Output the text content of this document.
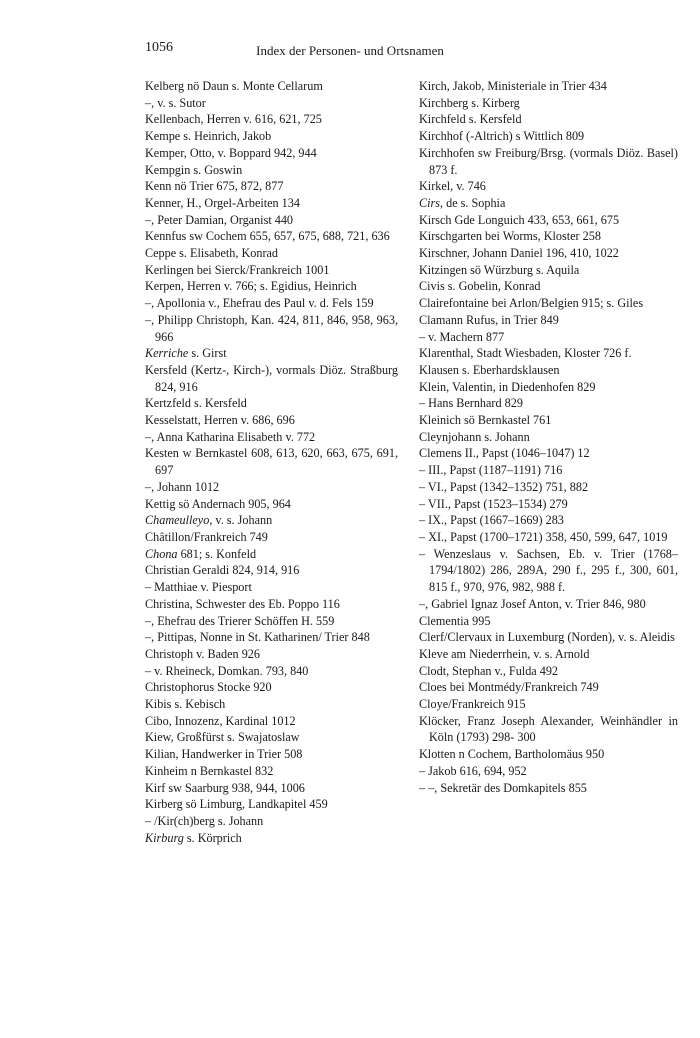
1056	Index der Personen- und Ortsnamen
Kelberg nö Daun s. Monte Cellarum
–, v. s. Sutor
Kellenbach, Herren v. 616, 621, 725
Kempe s. Heinrich, Jakob
Kemper, Otto, v. Boppard 942, 944
Kempgin s. Goswin
Kenn nö Trier 675, 872, 877
Kenner, H., Orgel-Arbeiten 134
–, Peter Damian, Organist 440
Kennfus sw Cochem 655, 657, 675, 688, 721, 636
Ceppe s. Elisabeth, Konrad
Kerlingen bei Sierck/Frankreich 1001
Kerpen, Herren v. 766; s. Egidius, Heinrich
–, Apollonia v., Ehefrau des Paul v. d. Fels 159
–, Philipp Christoph, Kan. 424, 811, 846, 958, 963, 966
Kerriche s. Girst
Kersfeld (Kertz-, Kirch-), vormals Diöz. Straßburg 824, 916
Kertzfeld s. Kersfeld
Kesselstatt, Herren v. 686, 696
–, Anna Katharina Elisabeth v. 772
Kesten w Bernkastel 608, 613, 620, 663, 675, 691, 697
–, Johann 1012
Kettig sö Andernach 905, 964
Chameulleyo, v. s. Johann
Châtillon/Frankreich 749
Chona 681; s. Konfeld
Christian Geraldi 824, 914, 916
– Matthiae v. Piesport
Christina, Schwester des Eb. Poppo 116
–, Ehefrau des Trierer Schöffen H. 559
–, Pittipas, Nonne in St. Katharinen/ Trier 848
Christoph v. Baden 926
– v. Rheineck, Domkan. 793, 840
Christophorus Stocke 920
Kibis s. Kebisch
Cibo, Innozenz, Kardinal 1012
Kiew, Großfürst s. Swajatoslaw
Kilian, Handwerker in Trier 508
Kinheim n Bernkastel 832
Kirf sw Saarburg 938, 944, 1006
Kirberg sö Limburg, Landkapitel 459
– /Kir(ch)berg s. Johann
Kirburg s. Körprich
Kirch, Jakob, Ministeriale in Trier 434
Kirchberg s. Kirberg
Kirchfeld s. Kersfeld
Kirchhof (-Altrich) s Wittlich 809
Kirchhofen sw Freiburg/Brsg. (vormals Diöz. Basel) 873 f.
Kirkel, v. 746
Cirs, de s. Sophia
Kirsch Gde Longuich 433, 653, 661, 675
Kirschgarten bei Worms, Kloster 258
Kirschner, Johann Daniel 196, 410, 1022
Kitzingen sö Würzburg s. Aquila
Civis s. Gobelin, Konrad
Clairefontaine bei Arlon/Belgien 915; s. Giles
Clamann Rufus, in Trier 849
– v. Machern 877
Klarenthal, Stadt Wiesbaden, Kloster 726 f.
Klausen s. Eberhardsklausen
Klein, Valentin, in Diedenhofen 829
– Hans Bernhard 829
Kleinich sö Bernkastel 761
Cleynjohann s. Johann
Clemens II., Papst (1046–1047) 12
– III., Papst (1187–1191) 716
– VI., Papst (1342–1352) 751, 882
– VII., Papst (1523–1534) 279
– IX., Papst (1667–1669) 283
– XI., Papst (1700–1721) 358, 450, 599, 647, 1019
– Wenzeslaus v. Sachsen, Eb. v. Trier (1768–1794/1802) 286, 289A, 290 f., 295 f., 300, 601, 815 f., 970, 976, 982, 988 f.
–, Gabriel Ignaz Josef Anton, v. Trier 846, 980
Clementia 995
Clerf/Clervaux in Luxemburg (Norden), v. s. Aleidis
Kleve am Niederrhein, v. s. Arnold
Clodt, Stephan v., Fulda 492
Cloes bei Montmédy/Frankreich 749
Cloye/Frankreich 915
Klöcker, Franz Joseph Alexander, Weinhändler in Köln (1793) 298- 300
Klotten n Cochem, Bartholomäus 950
– Jakob 616, 694, 952
– –, Sekretär des Domkapitels 855
